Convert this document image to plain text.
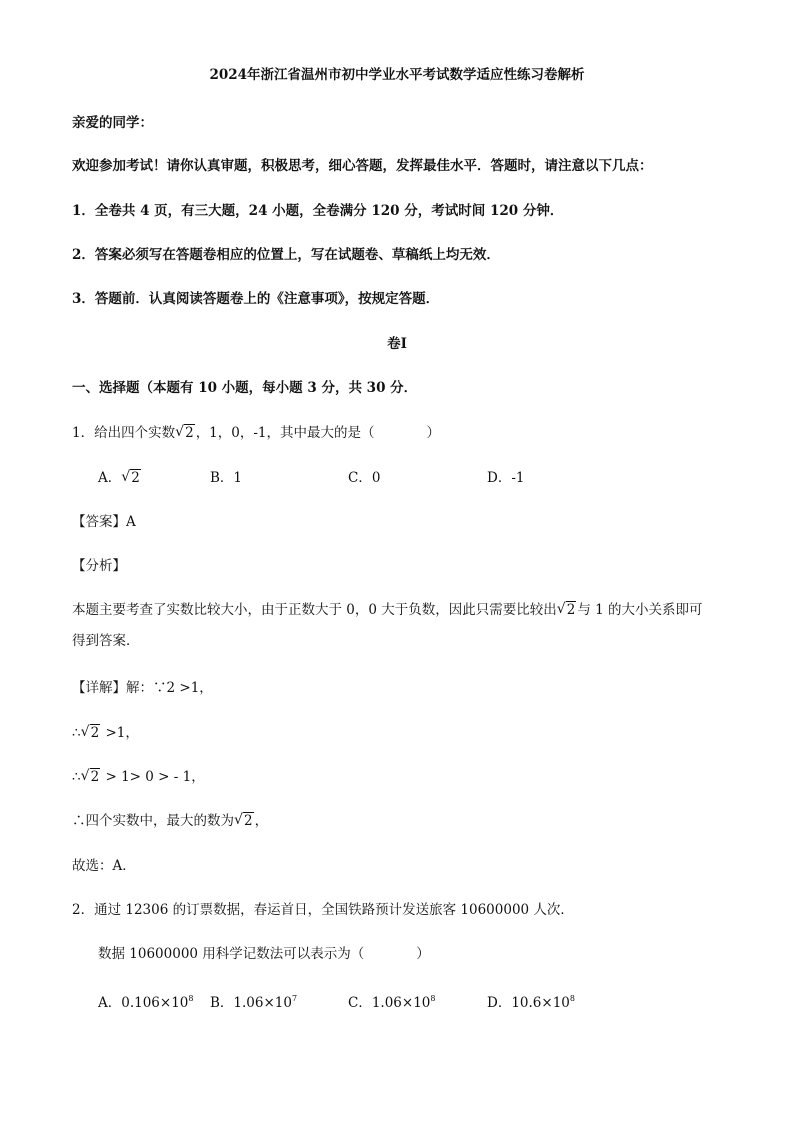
2024年浙江省温州市初中学业水平考试数学适应性练习卷解析
亲爱的同学：
欢迎参加考试！请你认真审题，积极思考，细心答题，发挥最佳水平．答题时，请注意以下几点：
1．全卷共 4 页，有三大题，24 小题，全卷满分 120 分，考试时间 120 分钟．
2．答案必须写在答题卷相应的位置上，写在试题卷、草稿纸上均无效．
3．答题前．认真阅读答题卷上的《注意事项》，按规定答题．
卷Ⅰ
一、选择题（本题有 10 小题，每小题 3 分，共 30 分．
1．给出四个实数 √ 2 ，1，0，-1，其中最大的是（	）
A． √ 2	B．1	C．0	D．-1
【答案】A
【分析】
本题主要考查了实数比较大小，由于正数大于 0，0 大于负数，因此只需要比较出 √ 2 与 1 的大小关系即可
得到答案．
【详解】解：∵2 >1，
∴ √ 2 >1，
∴ √ 2 > 1> 0 > - 1，
∴四个实数中，最大的数为 √ 2 ，
故选：A．
2．通过 12306 的订票数据，春运首日，全国铁路预计发送旅客 10600000 人次．
数据 10600000 用科学记数法可以表示为（	）
A．$0.106\times 10^8$ B．$1.06\times 10^7$	C．$1.06\times 10^8$	D．$10.6\times 10^8$
